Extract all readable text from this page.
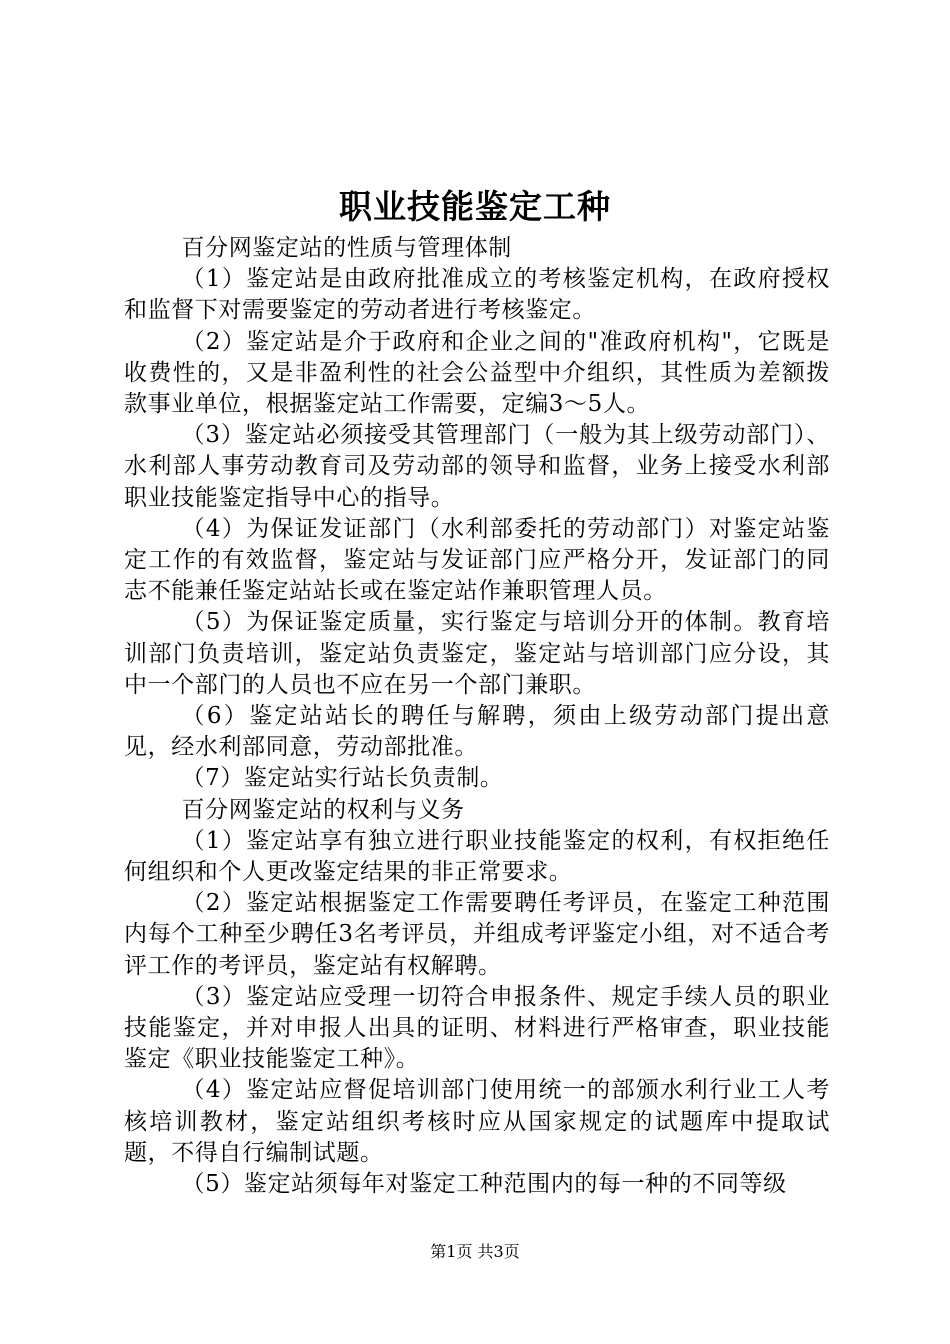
职业技能鉴定工种

百分网鉴定站的性质与管理体制

（1）鉴定站是由政府批准成立的考核鉴定机构，在政府授权和监督下对需要鉴定的劳动者进行考核鉴定。

（2）鉴定站是介于政府和企业之间的"准政府机构"，它既是收费性的，又是非盈利性的社会公益型中介组织，其性质为差额拨款事业单位，根据鉴定站工作需要，定编3～5人。

（3）鉴定站必须接受其管理部门（一般为其上级劳动部门）、水利部人事劳动教育司及劳动部的领导和监督，业务上接受水利部职业技能鉴定指导中心的指导。

（4）为保证发证部门（水利部委托的劳动部门）对鉴定站鉴定工作的有效监督，鉴定站与发证部门应严格分开，发证部门的同志不能兼任鉴定站站长或在鉴定站作兼职管理人员。

（5）为保证鉴定质量，实行鉴定与培训分开的体制。教育培训部门负责培训，鉴定站负责鉴定，鉴定站与培训部门应分设，其中一个部门的人员也不应在另一个部门兼职。

（6）鉴定站站长的聘任与解聘，须由上级劳动部门提出意见，经水利部同意，劳动部批准。

（7）鉴定站实行站长负责制。

百分网鉴定站的权利与义务

（1）鉴定站享有独立进行职业技能鉴定的权利，有权拒绝任何组织和个人更改鉴定结果的非正常要求。

（2）鉴定站根据鉴定工作需要聘任考评员，在鉴定工种范围内每个工种至少聘任3名考评员，并组成考评鉴定小组，对不适合考评工作的考评员，鉴定站有权解聘。

（3）鉴定站应受理一切符合申报条件、规定手续人员的职业技能鉴定，并对申报人出具的证明、材料进行严格审查，职业技能鉴定《职业技能鉴定工种》。

（4）鉴定站应督促培训部门使用统一的部颁水利行业工人考核培训教材，鉴定站组织考核时应从国家规定的试题库中提取试题，不得自行编制试题。

（5）鉴定站须每年对鉴定工种范围内的每一种的不同等级

第1页 共3页
